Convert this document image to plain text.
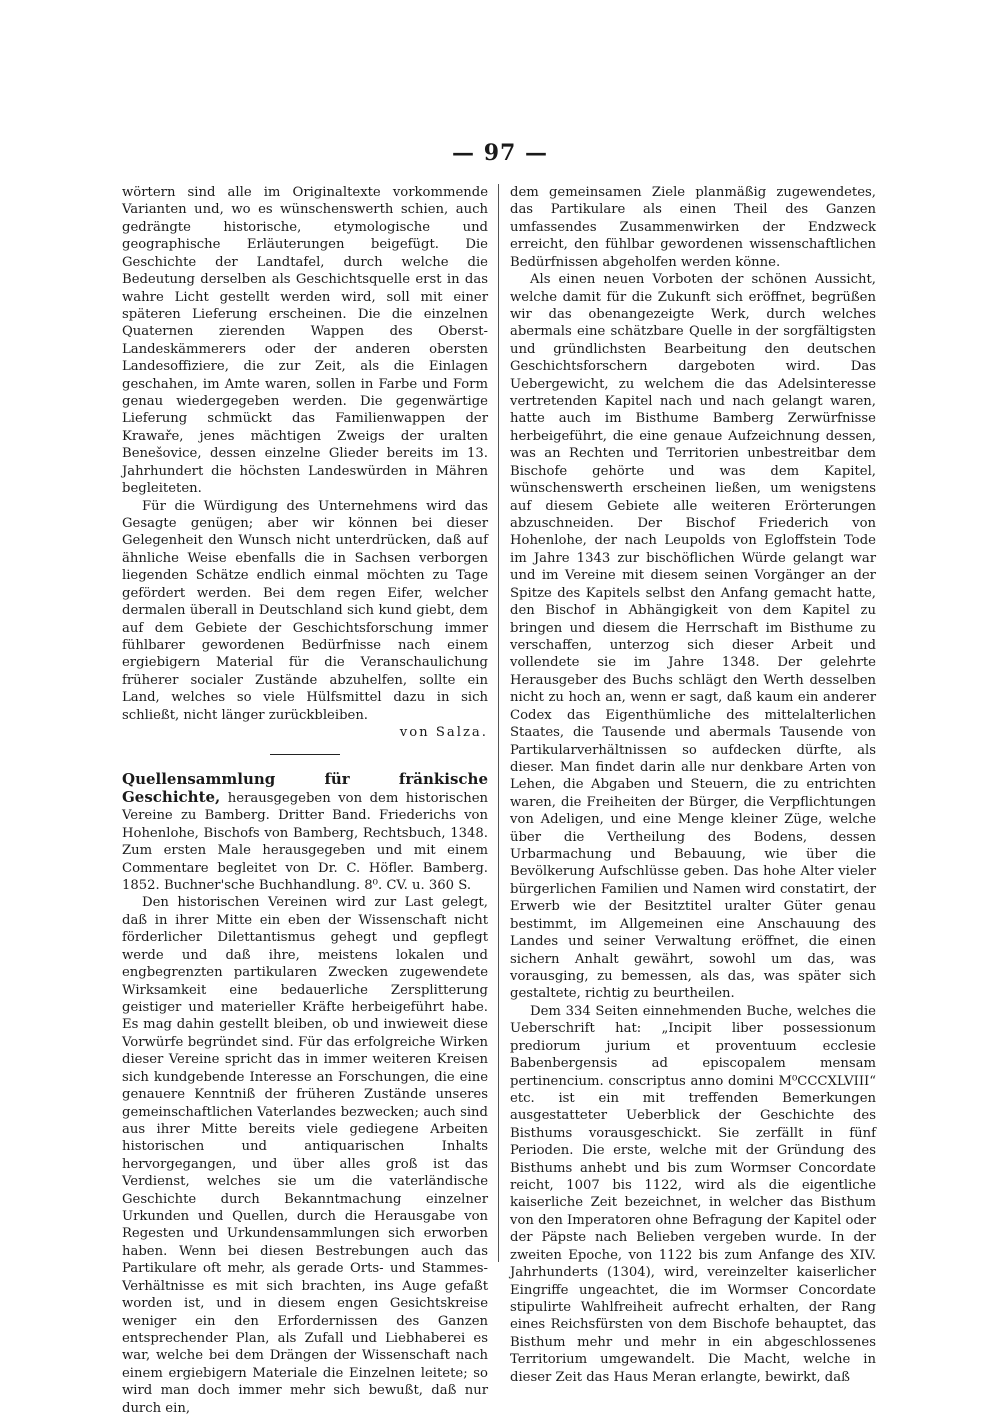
— 97 —

wörtern sind alle im Originaltexte vorkommende Varianten und, wo es wünschenswerth schien, auch gedrängte historische, etymologische und geographische Erläuterungen beigefügt. Die Geschichte der Landtafel, durch welche die Bedeutung derselben als Geschichtsquelle erst in das wahre Licht gestellt werden wird, soll mit einer späteren Lieferung erscheinen. Die die einzelnen Quaternen zierenden Wappen des Oberst-Landeskämmerers oder der anderen obersten Landesoffiziere, die zur Zeit, als die Einlagen geschahen, im Amte waren, sollen in Farbe und Form genau wiedergegeben werden. Die gegenwärtige Lieferung schmückt das Familienwappen der Krawaře, jenes mächtigen Zweigs der uralten Benešovice, dessen einzelne Glieder bereits im 13. Jahrhundert die höchsten Landeswürden in Mähren begleiteten.

Für die Würdigung des Unternehmens wird das Gesagte genügen; aber wir können bei dieser Gelegenheit den Wunsch nicht unterdrücken, daß auf ähnliche Weise ebenfalls die in Sachsen verborgen liegenden Schätze endlich einmal möchten zu Tage gefördert werden. Bei dem regen Eifer, welcher dermalen überall in Deutschland sich kund giebt, dem auf dem Gebiete der Geschichtsforschung immer fühlbarer gewordenen Bedürfnisse nach einem ergiebigern Material für die Veranschaulichung früherer socialer Zustände abzuhelfen, sollte ein Land, welches so viele Hülfsmittel dazu in sich schließt, nicht länger zurückbleiben.

von Salza.

Quellensammlung für fränkische Geschichte, herausgegeben von dem historischen Vereine zu Bamberg. Dritter Band. Friederichs von Hohenlohe, Bischofs von Bamberg, Rechtsbuch, 1348. Zum ersten Male herausgegeben und mit einem Commentare begleitet von Dr. C. Höfler. Bamberg. 1852. Buchner'sche Buchhandlung. 8⁰. CV. u. 360 S.

Den historischen Vereinen wird zur Last gelegt, daß in ihrer Mitte ein eben der Wissenschaft nicht förderlicher Dilettantismus gehegt und gepflegt werde und daß ihre, meistens lokalen und engbegrenzten partikularen Zwecken zugewendete Wirksamkeit eine bedauerliche Zersplitterung geistiger und materieller Kräfte herbeigeführt habe. Es mag dahin gestellt bleiben, ob und inwieweit diese Vorwürfe begründet sind. Für das erfolgreiche Wirken dieser Vereine spricht das in immer weiteren Kreisen sich kundgebende Interesse an Forschungen, die eine genauere Kenntniß der früheren Zustände unseres gemeinschaftlichen Vaterlandes bezwecken; auch sind aus ihrer Mitte bereits viele gediegene Arbeiten historischen und antiquarischen Inhalts hervorgegangen, und über alles groß ist das Verdienst, welches sie um die vaterländische Geschichte durch Bekanntmachung einzelner Urkunden und Quellen, durch die Herausgabe von Regesten und Urkundensammlungen sich erworben haben. Wenn bei diesen Bestrebungen auch das Partikulare oft mehr, als gerade Orts- und Stammes-Verhältnisse es mit sich brachten, ins Auge gefaßt worden ist, und in diesem engen Gesichtskreise weniger ein den Erfordernissen des Ganzen entsprechender Plan, als Zufall und Liebhaberei es war, welche bei dem Drängen der Wissenschaft nach einem ergiebigern Materiale die Einzelnen leitete; so wird man doch immer mehr sich bewußt, daß nur durch ein,

dem gemeinsamen Ziele planmäßig zugewendetes, das Partikulare als einen Theil des Ganzen umfassendes Zusammenwirken der Endzweck erreicht, den fühlbar gewordenen wissenschaftlichen Bedürfnissen abgeholfen werden könne.

Als einen neuen Vorboten der schönen Aussicht, welche damit für die Zukunft sich eröffnet, begrüßen wir das obenangezeigte Werk, durch welches abermals eine schätzbare Quelle in der sorgfältigsten und gründlichsten Bearbeitung den deutschen Geschichtsforschern dargeboten wird. Das Uebergewicht, zu welchem die das Adelsinteresse vertretenden Kapitel nach und nach gelangt waren, hatte auch im Bisthume Bamberg Zerwürfnisse herbeigeführt, die eine genaue Aufzeichnung dessen, was an Rechten und Territorien unbestreitbar dem Bischofe gehörte und was dem Kapitel, wünschenswerth erscheinen ließen, um wenigstens auf diesem Gebiete alle weiteren Erörterungen abzuschneiden. Der Bischof Friederich von Hohenlohe, der nach Leupolds von Egloffstein Tode im Jahre 1343 zur bischöflichen Würde gelangt war und im Vereine mit diesem seinen Vorgänger an der Spitze des Kapitels selbst den Anfang gemacht hatte, den Bischof in Abhängigkeit von dem Kapitel zu bringen und diesem die Herrschaft im Bisthume zu verschaffen, unterzog sich dieser Arbeit und vollendete sie im Jahre 1348. Der gelehrte Herausgeber des Buchs schlägt den Werth desselben nicht zu hoch an, wenn er sagt, daß kaum ein anderer Codex das Eigenthümliche des mittelalterlichen Staates, die Tausende und abermals Tausende von Partikularverhältnissen so aufdecken dürfte, als dieser. Man findet darin alle nur denkbare Arten von Lehen, die Abgaben und Steuern, die zu entrichten waren, die Freiheiten der Bürger, die Verpflichtungen von Adeligen, und eine Menge kleiner Züge, welche über die Vertheilung des Bodens, dessen Urbarmachung und Bebauung, wie über die Bevölkerung Aufschlüsse geben. Das hohe Alter vieler bürgerlichen Familien und Namen wird constatirt, der Erwerb wie der Besitztitel uralter Güter genau bestimmt, im Allgemeinen eine Anschauung des Landes und seiner Verwaltung eröffnet, die einen sichern Anhalt gewährt, sowohl um das, was vorausging, zu bemessen, als das, was später sich gestaltete, richtig zu beurtheilen.

Dem 334 Seiten einnehmenden Buche, welches die Ueberschrift hat: „Incipit liber possessionum prediorum jurium et proventuum ecclesie Babenbergensis ad episcopalem mensam pertinencium. conscriptus anno domini M⁰CCCXLVIII“ etc. ist ein mit treffenden Bemerkungen ausgestatteter Ueberblick der Geschichte des Bisthums vorausgeschickt. Sie zerfällt in fünf Perioden. Die erste, welche mit der Gründung des Bisthums anhebt und bis zum Wormser Concordate reicht, 1007 bis 1122, wird als die eigentliche kaiserliche Zeit bezeichnet, in welcher das Bisthum von den Imperatoren ohne Befragung der Kapitel oder der Päpste nach Belieben vergeben wurde. In der zweiten Epoche, von 1122 bis zum Anfange des XIV. Jahrhunderts (1304), wird, vereinzelter kaiserlicher Eingriffe ungeachtet, die im Wormser Concordate stipulirte Wahlfreiheit aufrecht erhalten, der Rang eines Reichsfürsten von dem Bischofe behauptet, das Bisthum mehr und mehr in ein abgeschlossenes Territorium umgewandelt. Die Macht, welche in dieser Zeit das Haus Meran erlangte, bewirkt, daß
